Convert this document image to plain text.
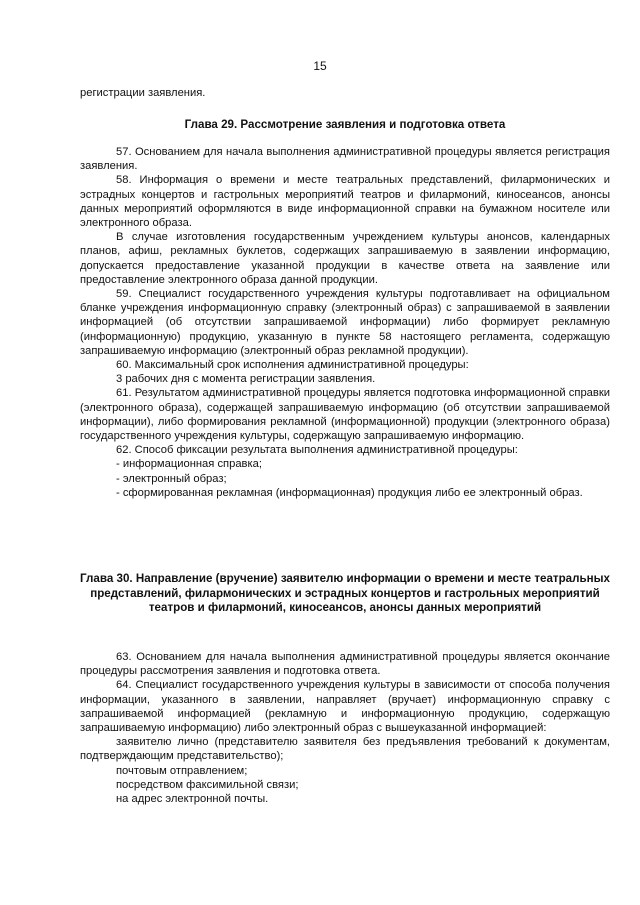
15

регистрации заявления.

Глава 29. Рассмотрение заявления и подготовка ответа

57. Основанием для начала выполнения административной процедуры является регистрация заявления.

58. Информация о времени и месте театральных представлений, филармонических и эстрадных концертов и гастрольных мероприятий театров и филармоний, киносеансов, анонсы данных мероприятий оформляются в виде информационной справки на бумажном носителе или электронного образа.

В случае изготовления государственным учреждением культуры анонсов, календарных планов, афиш, рекламных буклетов, содержащих запрашиваемую в заявлении информацию, допускается предоставление указанной продукции в качестве ответа на заявление или предоставление электронного образа данной продукции.

59. Специалист государственного учреждения культуры подготавливает на официальном бланке учреждения информационную справку (электронный образ) с запрашиваемой в заявлении информацией (об отсутствии запрашиваемой информации) либо формирует рекламную (информационную) продукцию, указанную в пункте 58 настоящего регламента, содержащую запрашиваемую информацию (электронный образ рекламной продукции).

60. Максимальный срок исполнения административной процедуры:

3 рабочих дня с момента регистрации заявления.

61. Результатом административной процедуры является подготовка информационной справки (электронного образа), содержащей запрашиваемую информацию (об отсутствии запрашиваемой информации), либо формирования рекламной (информационной) продукции (электронного образа) государственного учреждения культуры, содержащую запрашиваемую информацию.

62. Способ фиксации результата выполнения административной процедуры:

- информационная справка;

- электронный образ;

- сформированная рекламная (информационная) продукция либо ее электронный образ.

Глава 30. Направление (вручение) заявителю информации о времени и месте театральных представлений, филармонических и эстрадных концертов и гастрольных мероприятий театров и филармоний, киносеансов, анонсы данных мероприятий

63. Основанием для начала выполнения административной процедуры является окончание процедуры рассмотрения заявления и подготовка ответа.

64. Специалист государственного учреждения культуры в зависимости от способа получения информации, указанного в заявлении, направляет (вручает) информационную справку с запрашиваемой информацией (рекламную и информационную продукцию, содержащую запрашиваемую информацию) либо электронный образ с вышеуказанной информацией:

заявителю лично (представителю заявителя без предъявления требований к документам, подтверждающим представительство);

почтовым отправлением;

посредством факсимильной связи;

на адрес электронной почты.
